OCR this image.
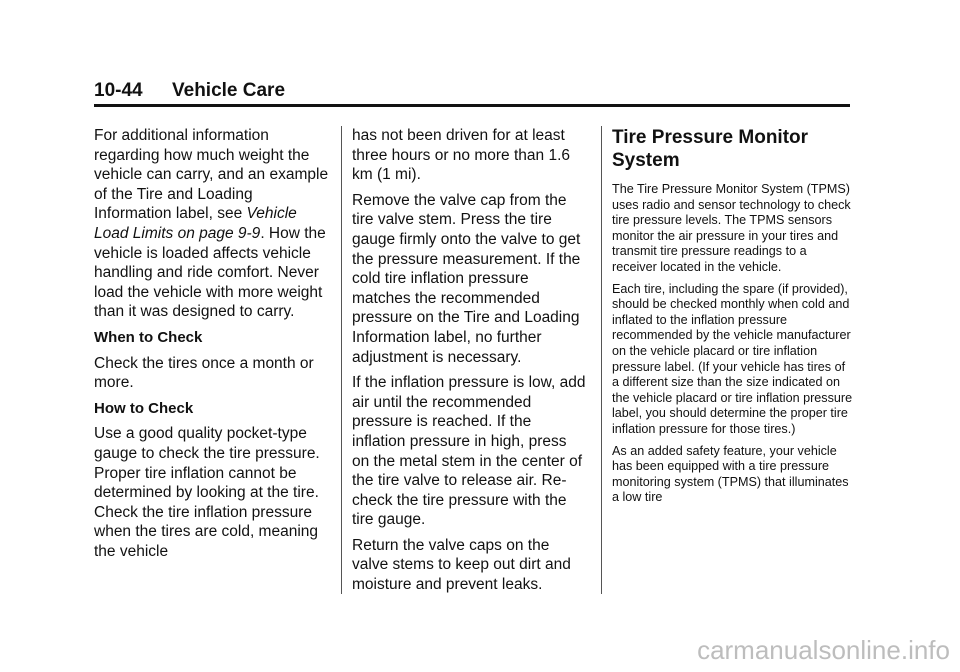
10-44 Vehicle Care

For additional information regarding how much weight the vehicle can carry, and an example of the Tire and Loading Information label, see Vehicle Load Limits on page 9-9. How the vehicle is loaded affects vehicle handling and ride comfort. Never load the vehicle with more weight than it was designed to carry.

When to Check

Check the tires once a month or more.

How to Check

Use a good quality pocket-type gauge to check the tire pressure. Proper tire inflation cannot be determined by looking at the tire. Check the tire inflation pressure when the tires are cold, meaning the vehicle

has not been driven for at least three hours or no more than 1.6 km (1 mi).

Remove the valve cap from the tire valve stem. Press the tire gauge firmly onto the valve to get the pressure measurement. If the cold tire inflation pressure matches the recommended pressure on the Tire and Loading Information label, no further adjustment is necessary.

If the inflation pressure is low, add air until the recommended pressure is reached. If the inflation pressure in high, press on the metal stem in the center of the tire valve to release air. Re-check the tire pressure with the tire gauge.

Return the valve caps on the valve stems to keep out dirt and moisture and prevent leaks.

Tire Pressure Monitor System

The Tire Pressure Monitor System (TPMS) uses radio and sensor technology to check tire pressure levels. The TPMS sensors monitor the air pressure in your tires and transmit tire pressure readings to a receiver located in the vehicle.

Each tire, including the spare (if provided), should be checked monthly when cold and inflated to the inflation pressure recommended by the vehicle manufacturer on the vehicle placard or tire inflation pressure label. (If your vehicle has tires of a different size than the size indicated on the vehicle placard or tire inflation pressure label, you should determine the proper tire inflation pressure for those tires.)

As an added safety feature, your vehicle has been equipped with a tire pressure monitoring system (TPMS) that illuminates a low tire

carmanualsonline.info
